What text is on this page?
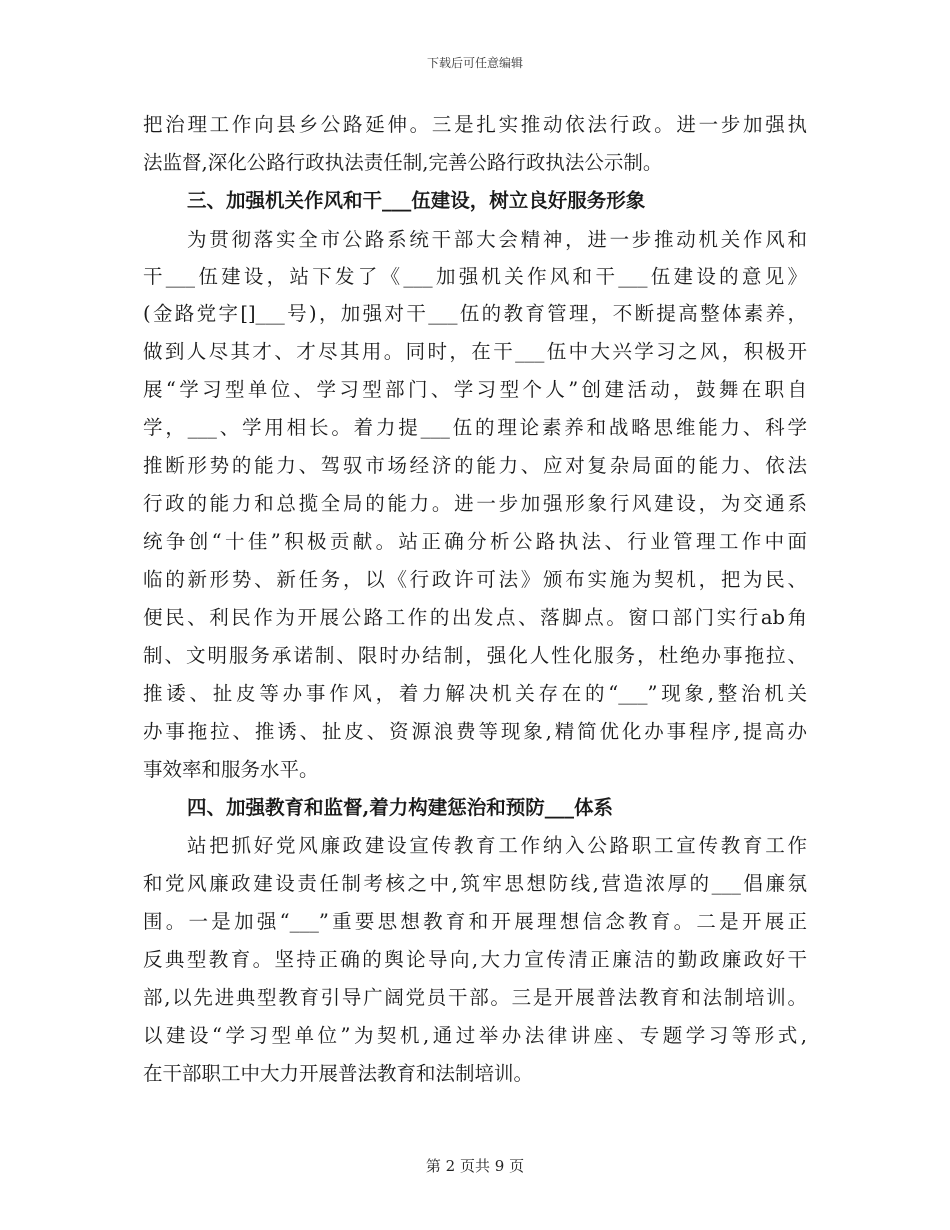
下载后可任意编辑
把治理工作向县乡公路延伸。三是扎实推动依法行政。进一步加强执
法监督,深化公路行政执法责任制,完善公路行政执法公示制。
三、加强机关作风和干___伍建设，树立良好服务形象
为贯彻落实全市公路系统干部大会精神，进一步推动机关作风和
干___伍建设，站下发了《___加强机关作风和干___伍建设的意见》
(金路党字[]___号)，加强对干___伍的教育管理，不断提高整体素养，
做到人尽其才、才尽其用。同时，在干___伍中大兴学习之风，积极开
展“学习型单位、学习型部门、学习型个人”创建活动，鼓舞在职自
学，___、学用相长。着力提___伍的理论素养和战略思维能力、科学
推断形势的能力、驾驭市场经济的能力、应对复杂局面的能力、依法
行政的能力和总揽全局的能力。进一步加强形象行风建设，为交通系
统争创“十佳”积极贡献。站正确分析公路执法、行业管理工作中面
临的新形势、新任务，以《行政许可法》颁布实施为契机，把为民、
便民、利民作为开展公路工作的出发点、落脚点。窗口部门实行ab角
制、文明服务承诺制、限时办结制，强化人性化服务，杜绝办事拖拉、
推诿、扯皮等办事作风，着力解决机关存在的“___”现象,整治机关
办事拖拉、推诱、扯皮、资源浪费等现象,精简优化办事程序,提高办
事效率和服务水平。
四、加强教育和监督,着力构建惩治和预防___体系
站把抓好党风廉政建设宣传教育工作纳入公路职工宣传教育工作
和党风廉政建设责任制考核之中,筑牢思想防线,营造浓厚的___倡廉氛
围。一是加强“___”重要思想教育和开展理想信念教育。二是开展正
反典型教育。坚持正确的舆论导向,大力宣传清正廉洁的勤政廉政好干
部,以先进典型教育引导广阔党员干部。三是开展普法教育和法制培训。
以建设“学习型单位”为契机,通过举办法律讲座、专题学习等形式,
在干部职工中大力开展普法教育和法制培训。
第 2 页共 9 页
